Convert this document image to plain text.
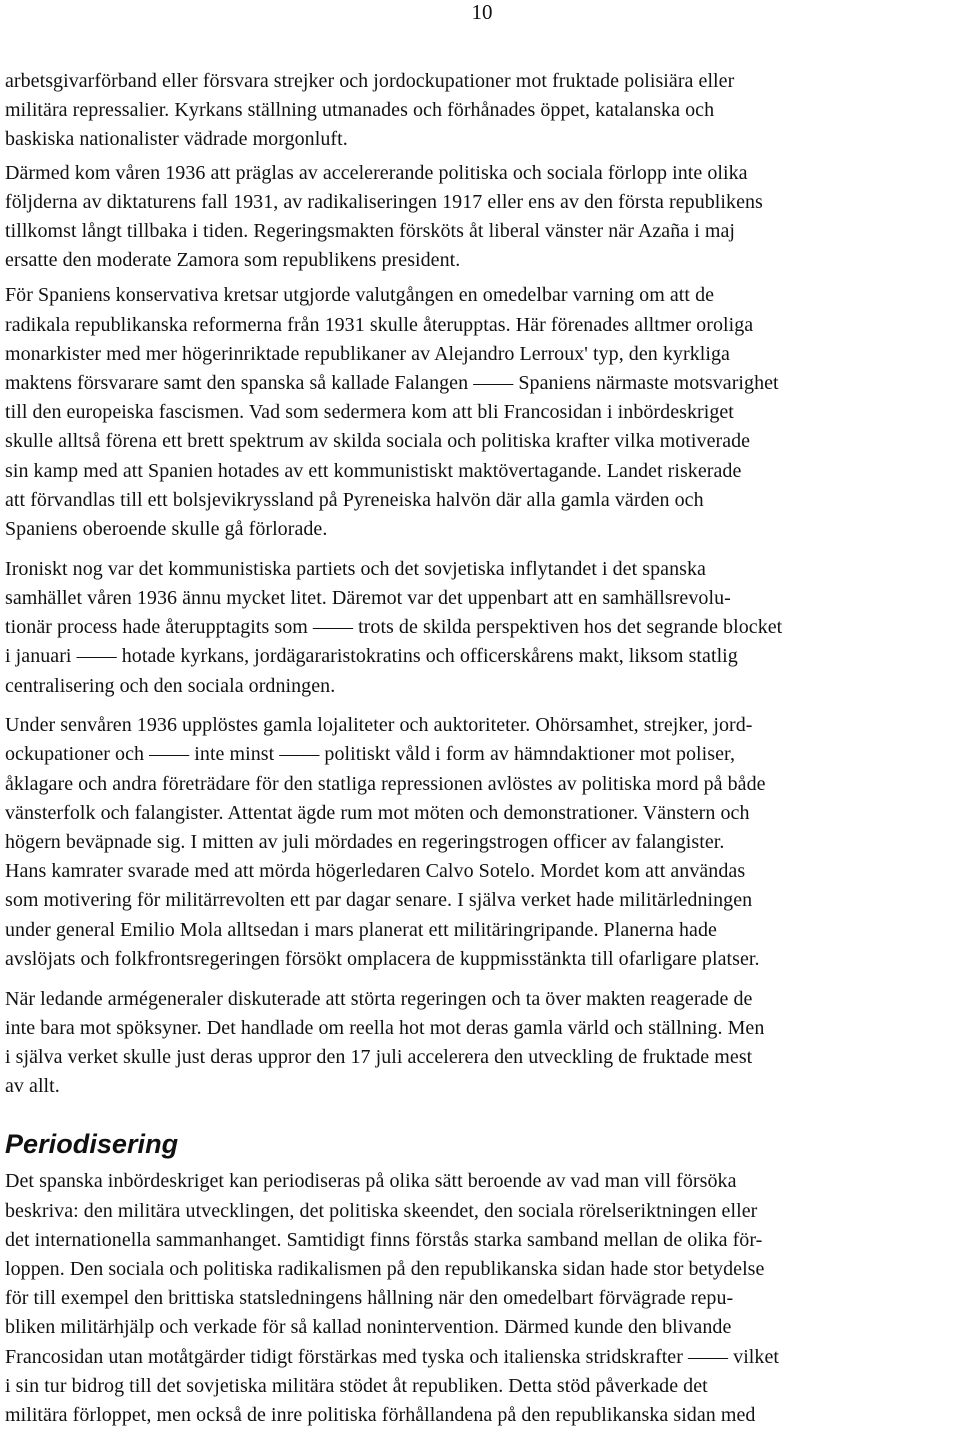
10

arbetsgivarförband eller försvara strejker och jordockupationer mot fruktade polisiära eller
militära repressalier. Kyrkans ställning utmanades och förhånades öppet, katalanska och
baskiska nationalister vädrade morgonluft.

Därmed kom våren 1936 att präglas av accelererande politiska och sociala förlopp inte olika
följderna av diktaturens fall 1931, av radikaliseringen 1917 eller ens av den första republikens
tillkomst långt tillbaka i tiden. Regeringsmakten försköts åt liberal vänster när Azaña i maj
ersatte den moderate Zamora som republikens president.

För Spaniens konservativa kretsar utgjorde valutgången en omedelbar varning om att de
radikala republikanska reformerna från 1931 skulle återupptas. Här förenades alltmer oroliga
monarkister med mer högerinriktade republikaner av Alejandro Lerroux' typ, den kyrkliga
maktens försvarare samt den spanska så kallade Falangen —— Spaniens närmaste motsvarighet
till den europeiska fascismen. Vad som sedermera kom att bli Francosidan i inbördeskriget
skulle alltså förena ett brett spektrum av skilda sociala och politiska krafter vilka motiverade
sin kamp med att Spanien hotades av ett kommunistiskt maktövertagande. Landet riskerade
att förvandlas till ett bolsjevikryssland på Pyreneiska halvön där alla gamla värden och
Spaniens oberoende skulle gå förlorade.

Ironiskt nog var det kommunistiska partiets och det sovjetiska inflytandet i det spanska
samhället våren 1936 ännu mycket litet. Däremot var det uppenbart att en samhällsrevolu-
tionär process hade återupptagits som —— trots de skilda perspektiven hos det segrande blocket
i januari —— hotade kyrkans, jordägararistokratins och officerskårens makt, liksom statlig
centralisering och den sociala ordningen.

Under senvåren 1936 upplöstes gamla lojaliteter och auktoriteter. Ohörsamhet, strejker, jord-
ockupationer och —— inte minst —— politiskt våld i form av hämndaktioner mot poliser,
åklagare och andra företrädare för den statliga repressionen avlöstes av politiska mord på både
vänsterfolk och falangister. Attentat ägde rum mot möten och demonstrationer. Vänstern och
högern beväpnade sig. I mitten av juli mördades en regeringstrogen officer av falangister.
Hans kamrater svarade med att mörda högerledaren Calvo Sotelo. Mordet kom att användas
som motivering för militärrevolten ett par dagar senare. I själva verket hade militärledningen
under general Emilio Mola alltsedan i mars planerat ett militäringripande. Planerna hade
avslöjats och folkfrontsregeringen försökt omplacera de kuppmisstänkta till ofarligare platser.

När ledande armégeneraler diskuterade att störta regeringen och ta över makten reagerade de
inte bara mot spöksyner. Det handlade om reella hot mot deras gamla värld och ställning. Men
i själva verket skulle just deras uppror den 17 juli accelerera den utveckling de fruktade mest
av allt.

Periodisering

Det spanska inbördeskriget kan periodiseras på olika sätt beroende av vad man vill försöka
beskriva: den militära utvecklingen, det politiska skeendet, den sociala rörelseriktningen eller
det internationella sammanhanget. Samtidigt finns förstås starka samband mellan de olika för-
loppen. Den sociala och politiska radikalismen på den republikanska sidan hade stor betydelse
för till exempel den brittiska statsledningens hållning när den omedelbart förvägrade repu-
bliken militärhjälp och verkade för så kallad nonintervention. Därmed kunde den blivande
Francosidan utan motåtgärder tidigt förstärkas med tyska och italienska stridskrafter —— vilket
i sin tur bidrog till det sovjetiska militära stödet åt republiken. Detta stöd påverkade det
militära förloppet, men också de inre politiska förhållandena på den republikanska sidan med
